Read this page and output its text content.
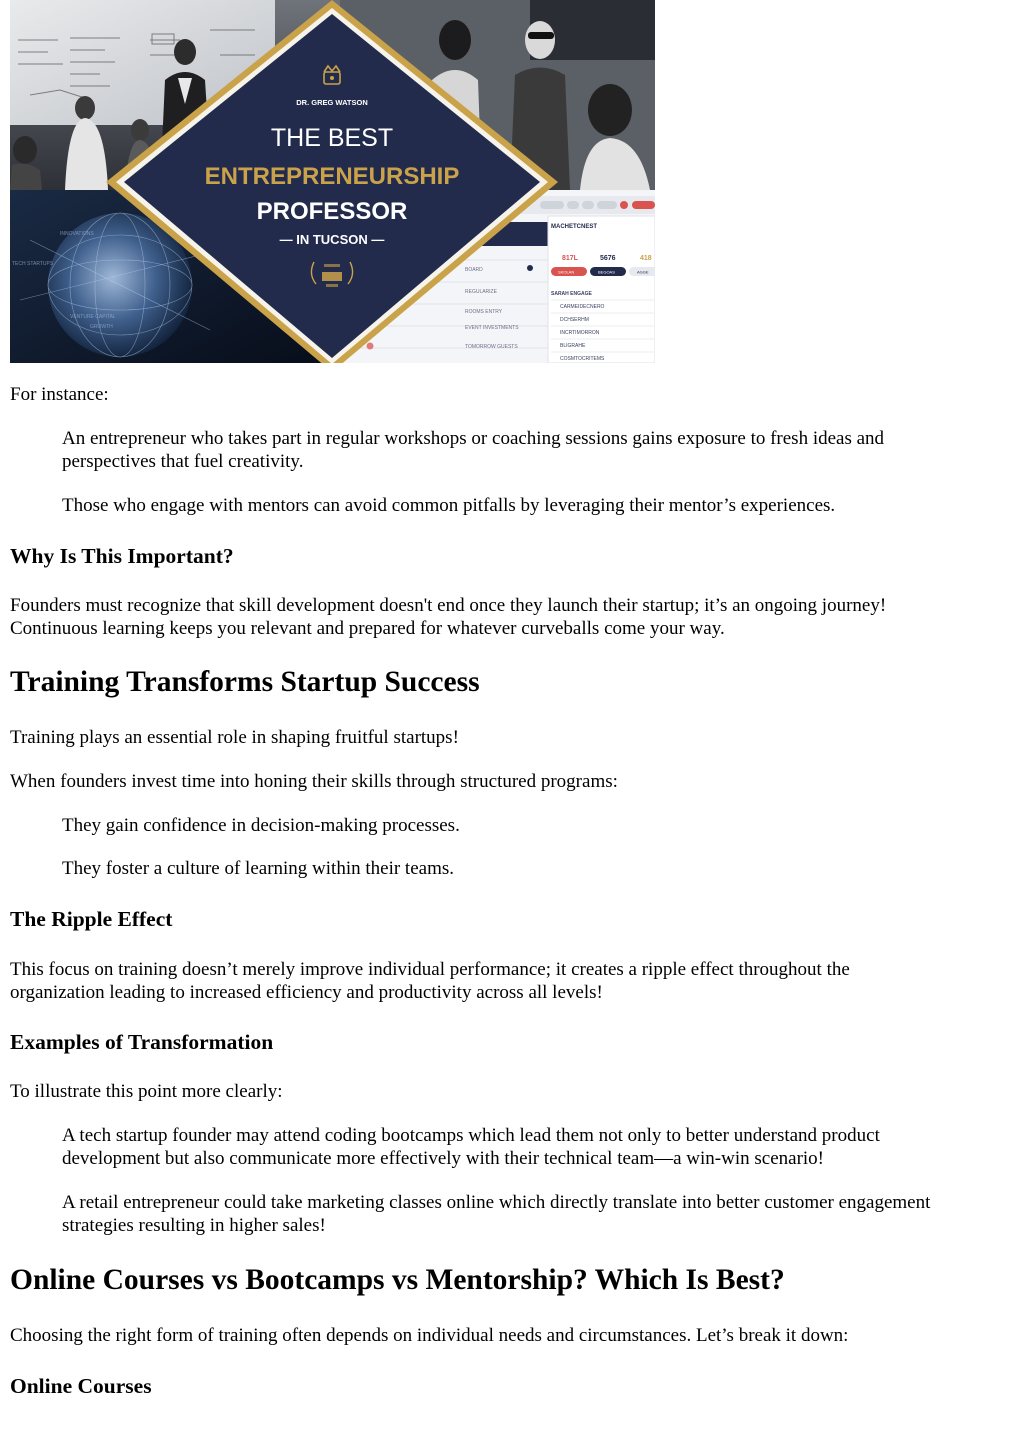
INNOVATIONS
TECH STARTUPS
VENTURE CAPITAL
GROWTH
BOARD
REGULARIZE
ROOMS ENTRY
EVENT INVESTMENTS
TOMORROW GUESTS
MACHETCNEST
817L	5676	418
SKOLAN	BEGOAS	AGGE
SARAH ENGAGE
CARMEIDECNERO
DCHSERHM
INCRTIMORRON
BLIGRAHE
COSMTOCRITEMS
DR. GREG WATSON
THE BEST
ENTREPRENEURSHIP
PROFESSOR
— IN TUCSON —

For instance:

An entrepreneur who takes part in regular workshops or coaching sessions gains exposure to fresh ideas and

perspectives that fuel creativity.

Those who engage with mentors can avoid common pitfalls by leveraging their mentor’s experiences.

Why Is This Important?

Founders must recognize that skill development doesn't end once they launch their startup; it’s an ongoing journey!

Continuous learning keeps you relevant and prepared for whatever curveballs come your way.

Training Transforms Startup Success

Training plays an essential role in shaping fruitful startups!

When founders invest time into honing their skills through structured programs:

They gain confidence in decision-making processes.

They foster a culture of learning within their teams.

The Ripple Effect

This focus on training doesn’t merely improve individual performance; it creates a ripple effect throughout the

organization leading to increased efficiency and productivity across all levels!

Examples of Transformation

To illustrate this point more clearly:

A tech startup founder may attend coding bootcamps which lead them not only to better understand product

development but also communicate more effectively with their technical team—a win-win scenario!

A retail entrepreneur could take marketing classes online which directly translate into better customer engagement

strategies resulting in higher sales!

Online Courses vs Bootcamps vs Mentorship? Which Is Best?

Choosing the right form of training often depends on individual needs and circumstances. Let’s break it down:

Online Courses
